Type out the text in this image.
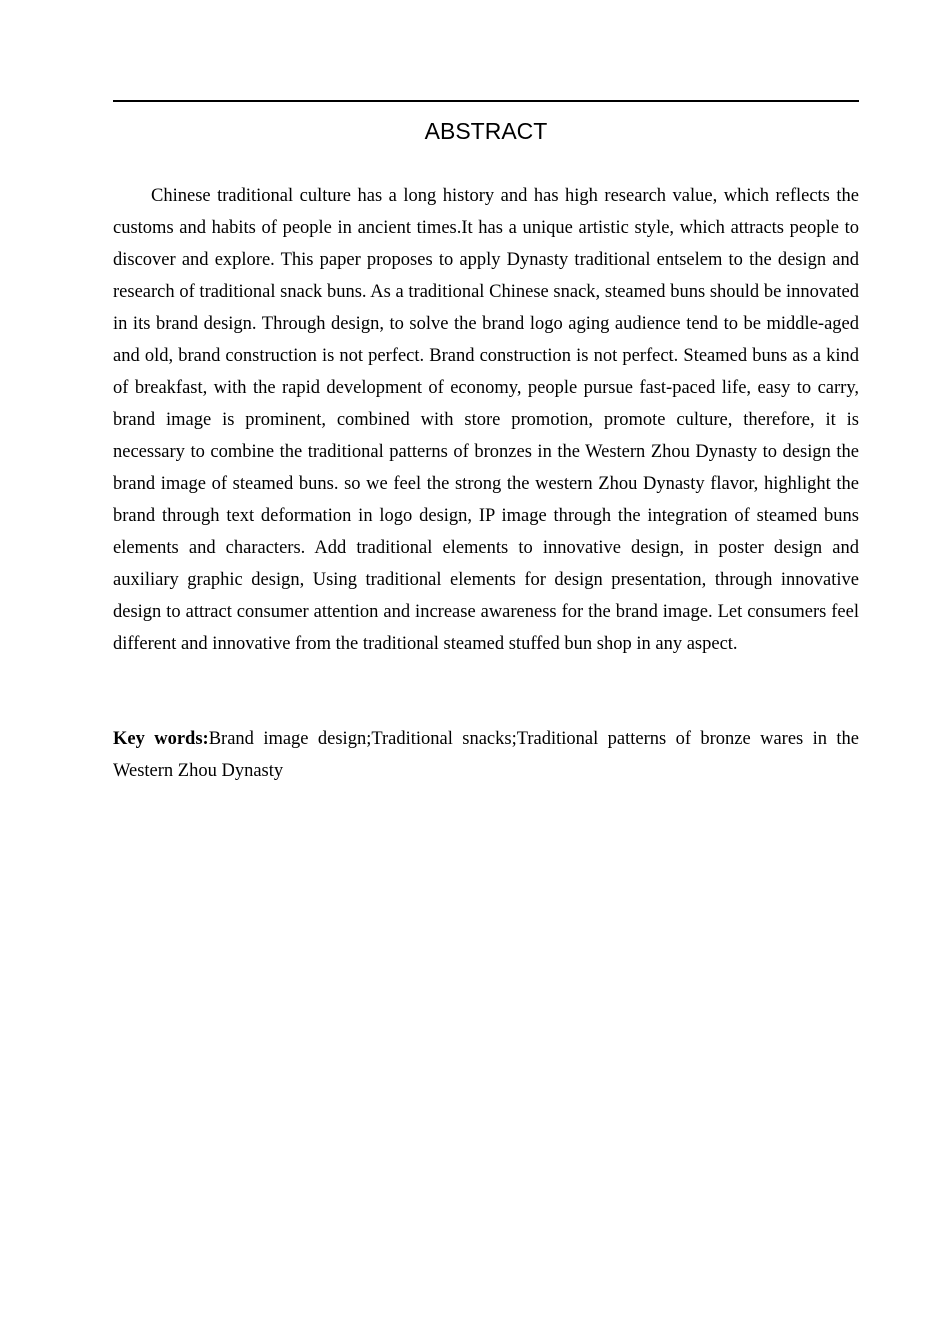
ABSTRACT

Chinese traditional culture has a long history and has high research value, which reflects the customs and habits of people in ancient times.It has a unique artistic style, which attracts people to discover and explore. This paper proposes to apply Dynasty traditional entselem to the design and research of traditional snack buns. As a traditional Chinese snack, steamed buns should be innovated in its brand design. Through design, to solve the brand logo aging audience tend to be middle-aged and old, brand construction is not perfect. Brand construction is not perfect. Steamed buns as a kind of breakfast, with the rapid development of economy, people pursue fast-paced life, easy to carry, brand image is prominent, combined with store promotion, promote culture, therefore, it is necessary to combine the traditional patterns of bronzes in the Western Zhou Dynasty to design the brand image of steamed buns. so we feel the strong the western Zhou Dynasty flavor, highlight the brand through text deformation in logo design, IP image through the integration of steamed buns elements and characters. Add traditional elements to innovative design, in poster design and auxiliary graphic design, Using traditional elements for design presentation, through innovative design to attract consumer attention and increase awareness for the brand image. Let consumers feel different and innovative from the traditional steamed stuffed bun shop in any aspect.

Key words:Brand image design;Traditional snacks;Traditional patterns of bronze wares in the Western Zhou Dynasty
